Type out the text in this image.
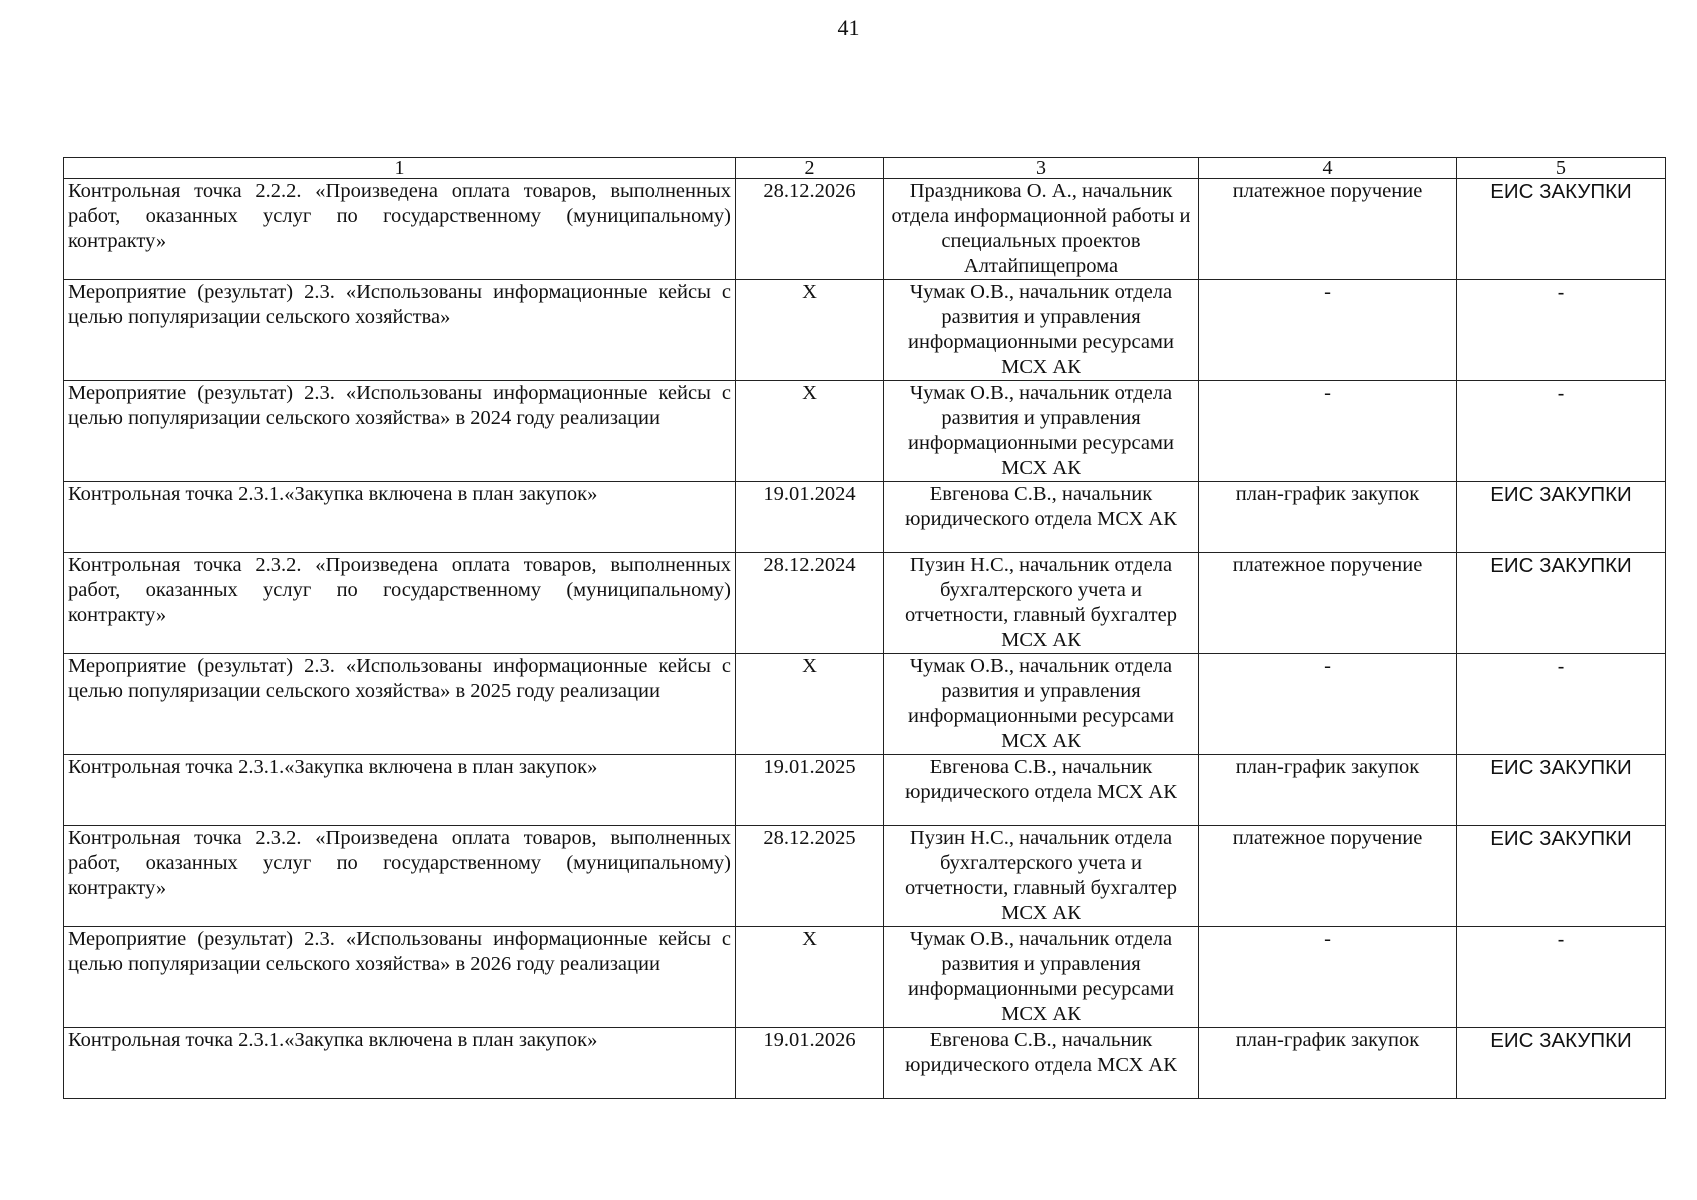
41
1	2	3	4	5
Контрольная точка 2.2.2. «Произведена оплата товаров, выполненных работ, оказанных услуг по государственному (муниципальному) контракту»	28.12.2026	Праздникова О. А., начальник отдела информационной работы и специальных проектов Алтайпищепрома	платежное поручение	ЕИС ЗАКУПКИ
Мероприятие (результат) 2.3. «Использованы информационные кейсы с целью популяризации сельского хозяйства»	X	Чумак О.В., начальник отдела развития и управления информационными ресурсами МСХ АК	-	-
Мероприятие (результат) 2.3. «Использованы информационные кейсы с целью популяризации сельского хозяйства» в 2024 году реализации	X	Чумак О.В., начальник отдела развития и управления информационными ресурсами МСХ АК	-	-
Контрольная точка 2.3.1.«Закупка включена в план закупок»	19.01.2024	Евгенова С.В., начальник юридического отдела МСХ АК	план-график закупок	ЕИС ЗАКУПКИ
Контрольная точка 2.3.2. «Произведена оплата товаров, выполненных работ, оказанных услуг по государственному (муниципальному) контракту»	28.12.2024	Пузин Н.С., начальник отдела бухгалтерского учета и отчетности, главный бухгалтер МСХ АК	платежное поручение	ЕИС ЗАКУПКИ
Мероприятие (результат) 2.3. «Использованы информационные кейсы с целью популяризации сельского хозяйства» в 2025 году реализации	X	Чумак О.В., начальник отдела развития и управления информационными ресурсами МСХ АК	-	-
Контрольная точка 2.3.1.«Закупка включена в план закупок»	19.01.2025	Евгенова С.В., начальник юридического отдела МСХ АК	план-график закупок	ЕИС ЗАКУПКИ
Контрольная точка 2.3.2. «Произведена оплата товаров, выполненных работ, оказанных услуг по государственному (муниципальному) контракту»	28.12.2025	Пузин Н.С., начальник отдела бухгалтерского учета и отчетности, главный бухгалтер МСХ АК	платежное поручение	ЕИС ЗАКУПКИ
Мероприятие (результат) 2.3. «Использованы информационные кейсы с целью популяризации сельского хозяйства» в 2026 году реализации	X	Чумак О.В., начальник отдела развития и управления информационными ресурсами МСХ АК	-	-
Контрольная точка 2.3.1.«Закупка включена в план закупок»	19.01.2026	Евгенова С.В., начальник юридического отдела МСХ АК	план-график закупок	ЕИС ЗАКУПКИ
